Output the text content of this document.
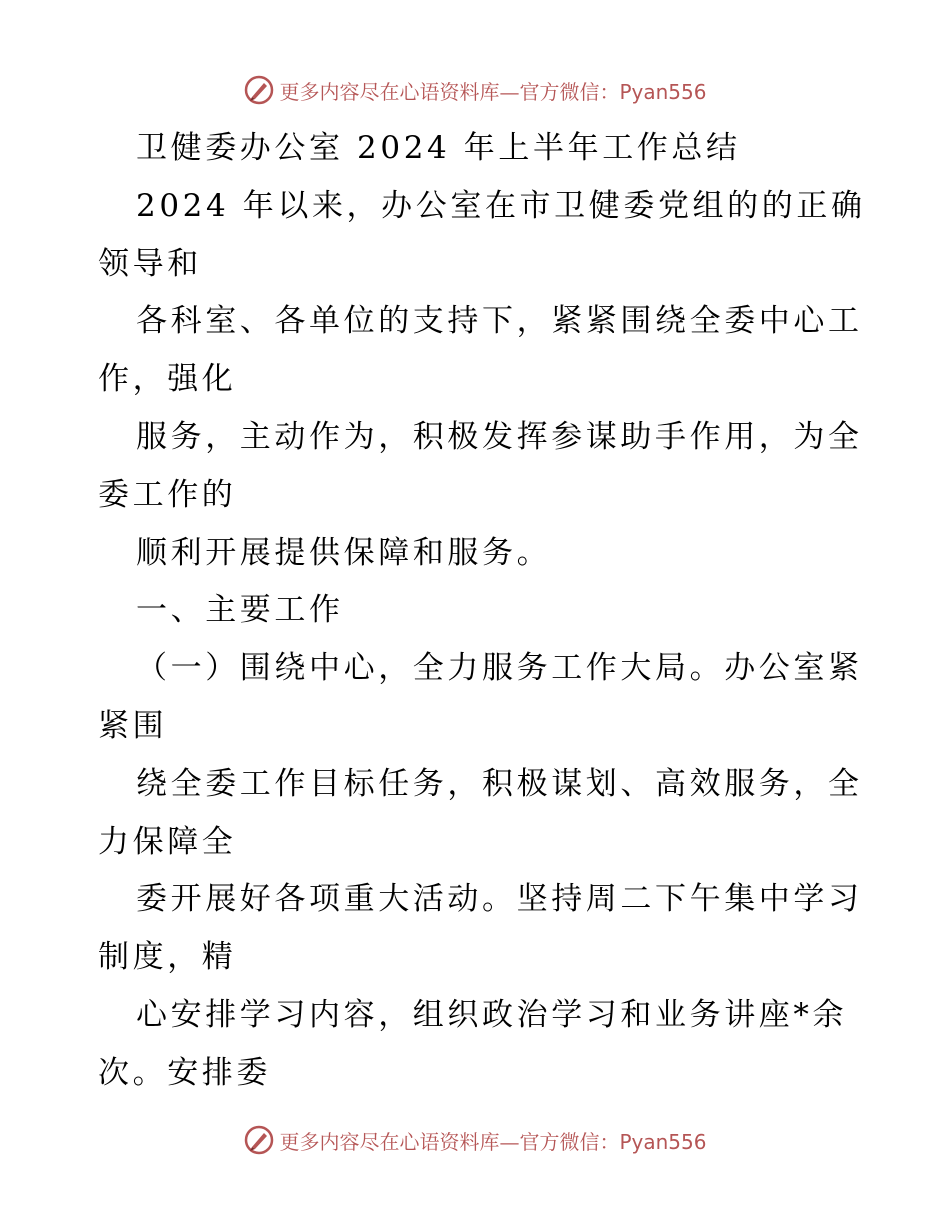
更多内容尽在心语资料库— 官方微信：Pyan556
卫健委办公室 2024 年上半年工作总结
2024 年以来，办公室在市卫健委党组的的正确
领导和
各科室、各单位的支持下，紧紧围绕全委中心工
作，强化
服务，主动作为，积极发挥参谋助手作用，为全
委工作的
顺利开展提供保障和服务。
一、主要工作
（一）围绕中心，全力服务工作大局。办公室紧
紧围
绕全委工作目标任务，积极谋划、高效服务，全
力保障全
委开展好各项重大活动。坚持周二下午集中学习
制度，精
心安排学习内容，组织政治学习和业务讲座*余
次。安排委
更多内容尽在心语资料库— 官方微信：Pyan556
